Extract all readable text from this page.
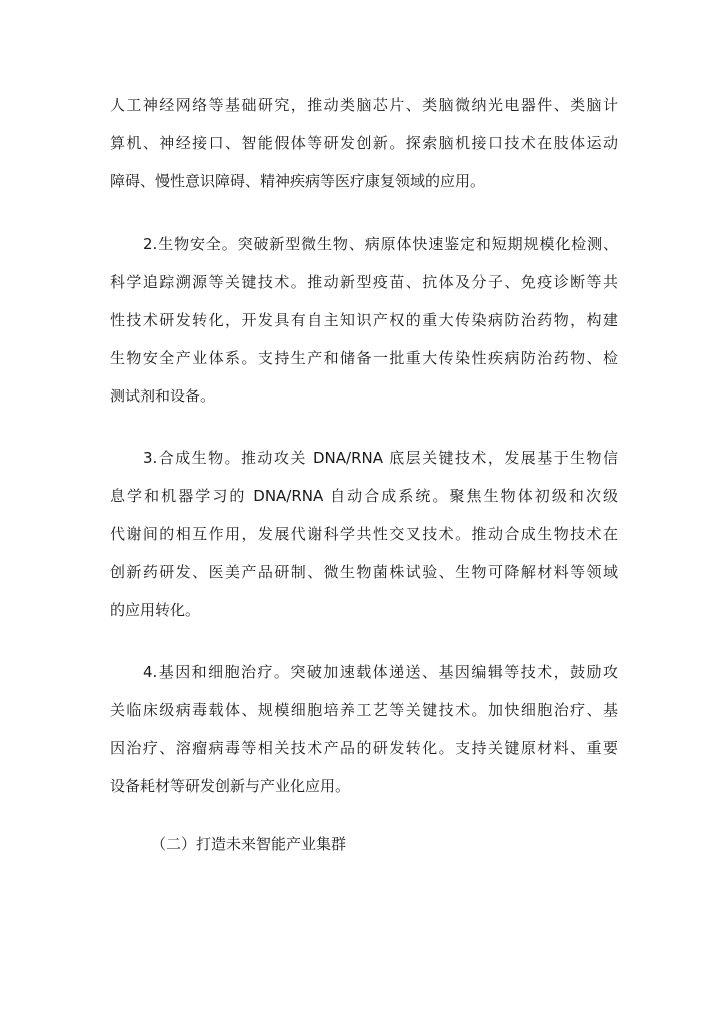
人工神经网络等基础研究，推动类脑芯片、类脑微纳光电器件、类脑计
算机、神经接口、智能假体等研发创新。探索脑机接口技术在肢体运动
障碍、慢性意识障碍、精神疾病等医疗康复领域的应用。
2.生物安全。突破新型微生物、病原体快速鉴定和短期规模化检测、
科学追踪溯源等关键技术。推动新型疫苗、抗体及分子、免疫诊断等共
性技术研发转化，开发具有自主知识产权的重大传染病防治药物，构建
生物安全产业体系。支持生产和储备一批重大传染性疾病防治药物、检
测试剂和设备。
3.合成生物。推动攻关 DNA/RNA 底层关键技术，发展基于生物信
息学和机器学习的 DNA/RNA 自动合成系统。聚焦生物体初级和次级
代谢间的相互作用，发展代谢科学共性交叉技术。推动合成生物技术在
创新药研发、医美产品研制、微生物菌株试验、生物可降解材料等领域
的应用转化。
4.基因和细胞治疗。突破加速载体递送、基因编辑等技术，鼓励攻
关临床级病毒载体、规模细胞培养工艺等关键技术。加快细胞治疗、基
因治疗、溶瘤病毒等相关技术产品的研发转化。支持关键原材料、重要
设备耗材等研发创新与产业化应用。
（二）打造未来智能产业集群
